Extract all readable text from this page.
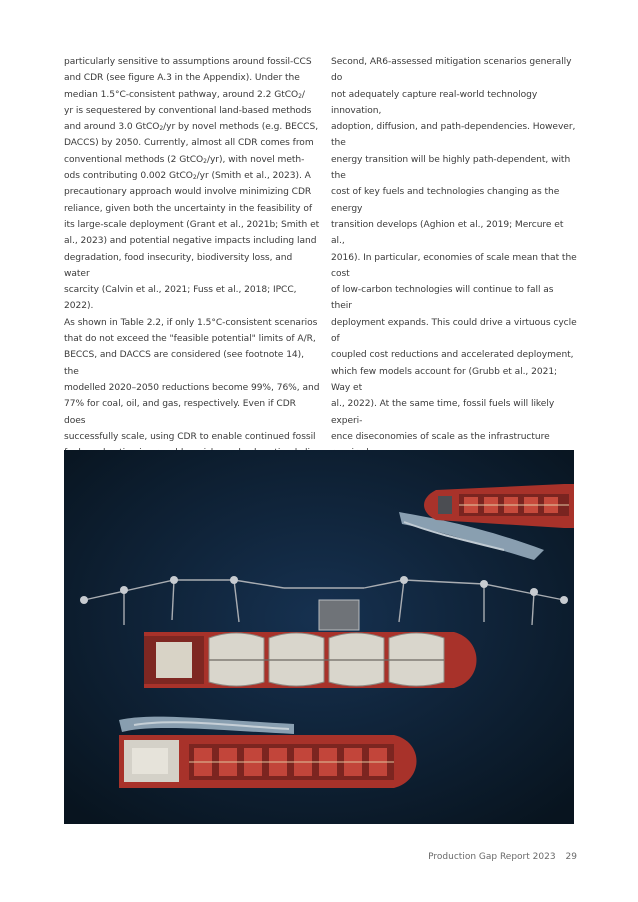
particularly sensitive to assumptions around fossil-CCS
and CDR (see figure A.3 in the Appendix). Under the
median 1.5°C-consistent pathway, around 2.2 GtCO$_2$/
yr is sequestered by conventional land-based methods
and around 3.0 GtCO$_2$/yr by novel methods (e.g. BECCS,
DACCS) by 2050. Currently, almost all CDR comes from
conventional methods (2 GtCO$_2$/yr), with novel meth-
ods contributing 0.002 GtCO$_2$/yr (Smith et al., 2023). A
precautionary approach would involve minimizing CDR
reliance, given both the uncertainty in the feasibility of
its large-scale deployment (Grant et al., 2021b; Smith et
al., 2023) and potential negative impacts including land
degradation, food insecurity, biodiversity loss, and water
scarcity (Calvin et al., 2021; Fuss et al., 2018; IPCC, 2022).

As shown in Table 2.2, if only 1.5°C-consistent scenarios
that do not exceed the "feasible potential" limits of A/R,
BECCS, and DACCS are considered (see footnote 14), the
modelled 2020–2050 reductions become 99%, 76%, and
77% for coal, oil, and gas, respectively. Even if CDR does
successfully scale, using CDR to enable continued fossil

Second, AR6-assessed mitigation scenarios generally do
not adequately capture real-world technology innovation,
adoption, diffusion, and path-dependencies. However, the
energy transition will be highly path-dependent, with the
cost of key fuels and technologies changing as the energy
transition develops (Aghion et al., 2019; Mercure et al.,
2016). In particular, economies of scale mean that the cost
of low-carbon technologies will continue to fall as their
deployment expands. This could drive a virtuous cycle of
coupled cost reductions and accelerated deployment,
which few models account for (Grubb et al., 2021; Way et
al., 2022). At the same time, fossil fuels will likely experi-
ence diseconomies of scale as the infrastructure

Production Gap Report 2023 29
